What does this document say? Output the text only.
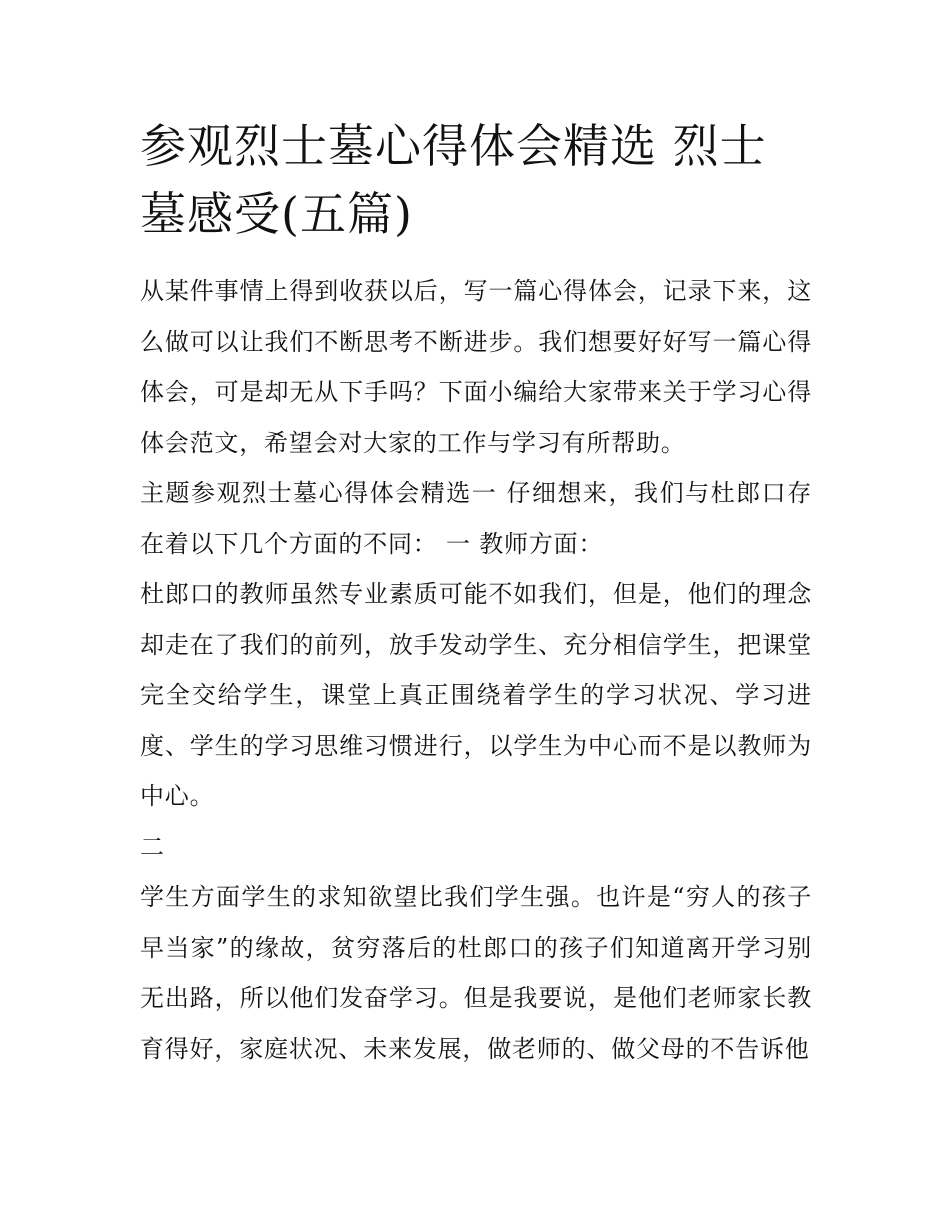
参观烈士墓心得体会精选 烈士墓感受(五篇)

从某件事情上得到收获以后，写一篇心得体会，记录下来，这么做可以让我们不断思考不断进步。我们想要好好写一篇心得体会，可是却无从下手吗？下面小编给大家带来关于学习心得体会范文，希望会对大家的工作与学习有所帮助。

主题参观烈士墓心得体会精选一 仔细想来，我们与杜郎口存在着以下几个方面的不同： 一 教师方面：

杜郎口的教师虽然专业素质可能不如我们，但是，他们的理念却走在了我们的前列，放手发动学生、充分相信学生，把课堂完全交给学生，课堂上真正围绕着学生的学习状况、学习进度、学生的学习思维习惯进行，以学生为中心而不是以教师为中心。

二

学生方面学生的求知欲望比我们学生强。也许是“穷人的孩子早当家”的缘故，贫穷落后的杜郎口的孩子们知道离开学习别无出路，所以他们发奋学习。但是我要说，是他们老师家长教育得好，家庭状况、未来发展，做老师的、做父母的不告诉他
